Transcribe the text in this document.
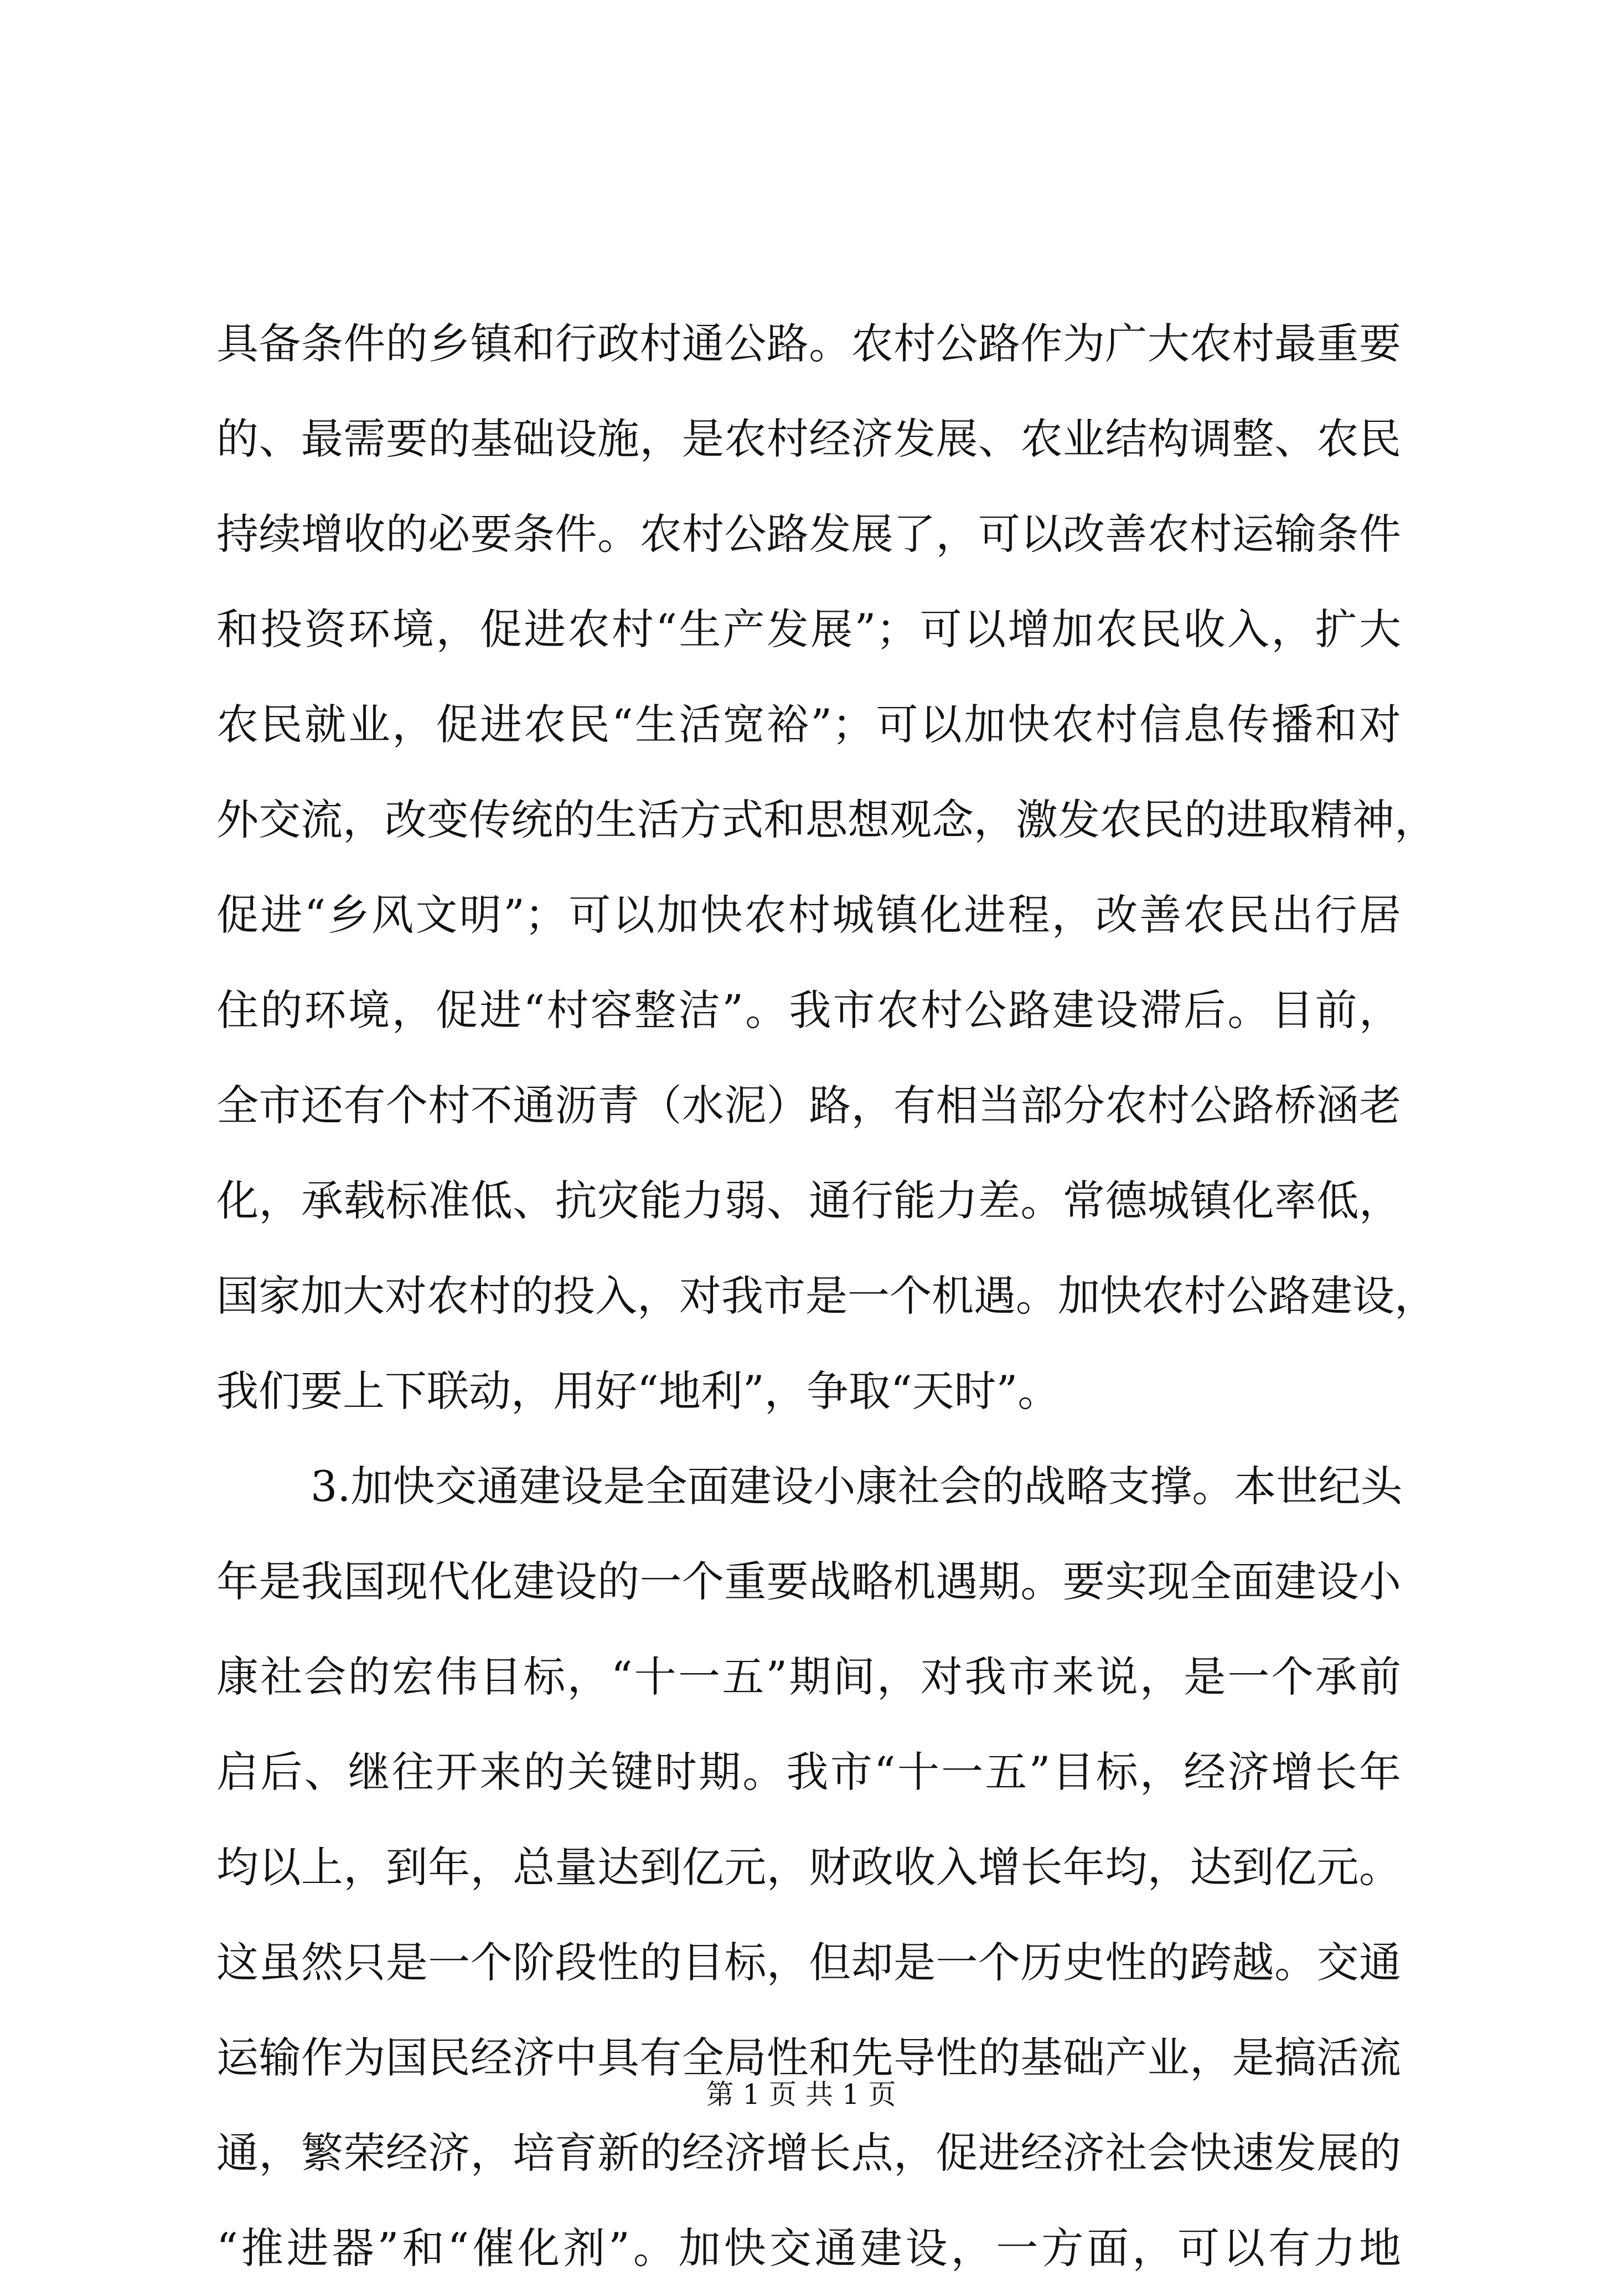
具备条件的乡镇和行政村通公路。农村公路作为广大农村最重要
的、最需要的基础设施，是农村经济发展、农业结构调整、农民
持续增收的必要条件。农村公路发展了，可以改善农村运输条件
和投资环境，促进农村“生产发展”；可以增加农民收入，扩大
农民就业，促进农民“生活宽裕”；可以加快农村信息传播和对
外交流，改变传统的生活方式和思想观念，激发农民的进取精神，
促进“乡风文明”；可以加快农村城镇化进程，改善农民出行居
住的环境，促进“村容整洁”。我市农村公路建设滞后。目前，
全市还有个村不通沥青（水泥）路，有相当部分农村公路桥涵老
化，承载标准低、抗灾能力弱、通行能力差。常德城镇化率低，
国家加大对农村的投入，对我市是一个机遇。加快农村公路建设，
我们要上下联动，用好“地利”，争取“天时”。
3.加快交通建设是全面建设小康社会的战略支撑。本世纪头
年是我国现代化建设的一个重要战略机遇期。要实现全面建设小
康社会的宏伟目标，“十一五”期间，对我市来说，是一个承前
启后、继往开来的关键时期。我市“十一五”目标，经济增长年
均以上，到年，总量达到亿元，财政收入增长年均，达到亿元。
这虽然只是一个阶段性的目标，但却是一个历史性的跨越。交通
运输作为国民经济中具有全局性和先导性的基础产业，是搞活流
通，繁荣经济，培育新的经济增长点，促进经济社会快速发展的
“推进器”和“催化剂”。加快交通建设，一方面，可以有力地
第 1 页 共 1 页
